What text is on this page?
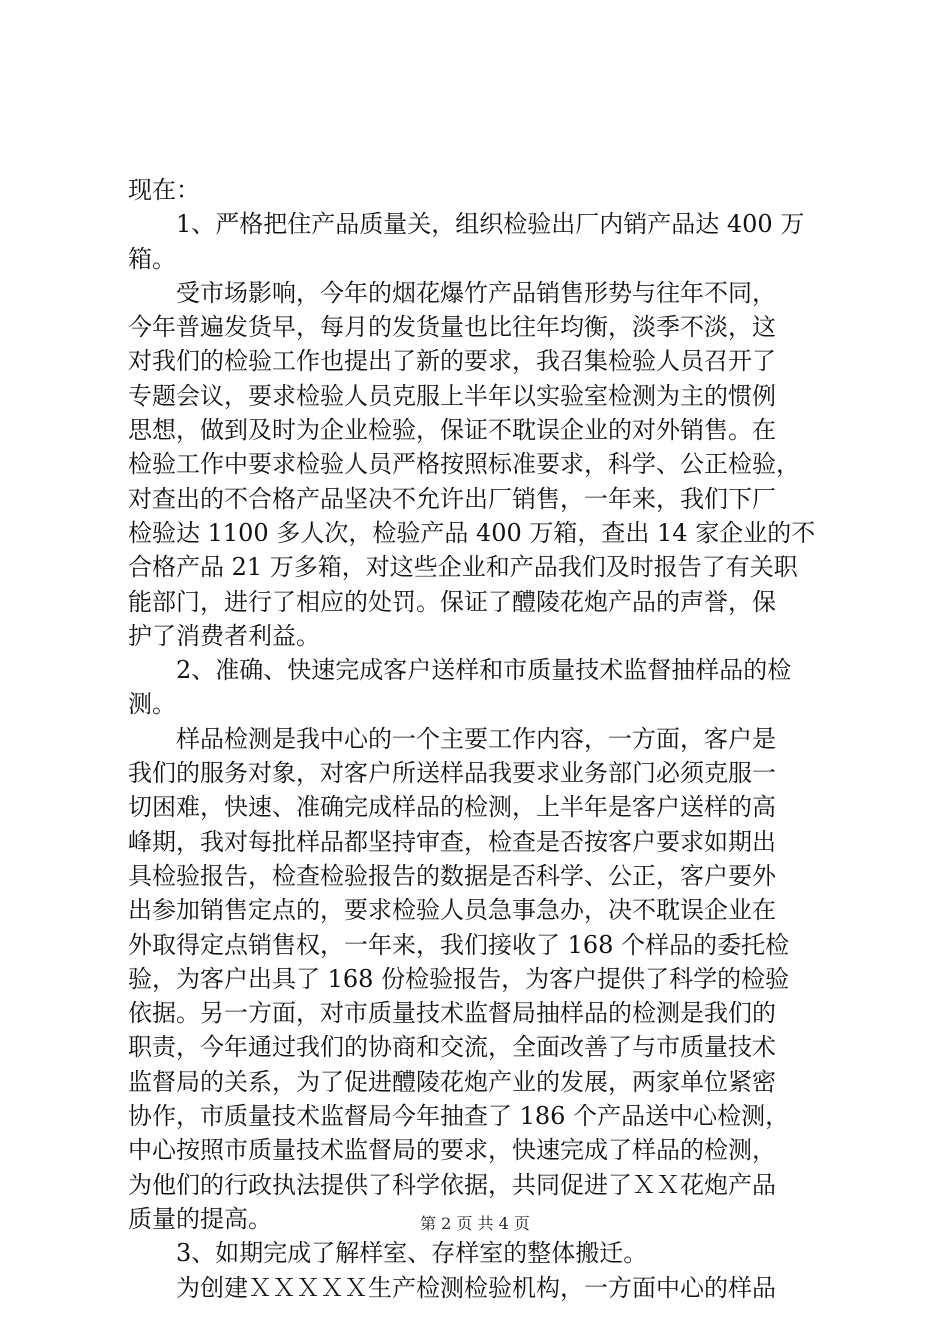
现在：
1、严格把住产品质量关，组织检验出厂内销产品达 400 万
箱。
受市场影响，今年的烟花爆竹产品销售形势与往年不同，
今年普遍发货早，每月的发货量也比往年均衡，淡季不淡，这
对我们的检验工作也提出了新的要求，我召集检验人员召开了
专题会议，要求检验人员克服上半年以实验室检测为主的惯例
思想，做到及时为企业检验，保证不耽误企业的对外销售。在
检验工作中要求检验人员严格按照标准要求，科学、公正检验，
对查出的不合格产品坚决不允许出厂销售，一年来，我们下厂
检验达 1100 多人次，检验产品 400 万箱，查出 14 家企业的不
合格产品 21 万多箱，对这些企业和产品我们及时报告了有关职
能部门，进行了相应的处罚。保证了醴陵花炮产品的声誉，保
护了消费者利益。
2、准确、快速完成客户送样和市质量技术监督抽样品的检
测。
样品检测是我中心的一个主要工作内容，一方面，客户是
我们的服务对象，对客户所送样品我要求业务部门必须克服一
切困难，快速、准确完成样品的检测，上半年是客户送样的高
峰期，我对每批样品都坚持审查，检查是否按客户要求如期出
具检验报告，检查检验报告的数据是否科学、公正，客户要外
出参加销售定点的，要求检验人员急事急办，决不耽误企业在
外取得定点销售权，一年来，我们接收了 168 个样品的委托检
验，为客户出具了 168 份检验报告，为客户提供了科学的检验
依据。另一方面，对市质量技术监督局抽样品的检测是我们的
职责，今年通过我们的协商和交流，全面改善了与市质量技术
监督局的关系，为了促进醴陵花炮产业的发展，两家单位紧密
协作，市质量技术监督局今年抽查了 186 个产品送中心检测，
中心按照市质量技术监督局的要求，快速完成了样品的检测，
为他们的行政执法提供了科学依据，共同促进了ＸＸ花炮产品
质量的提高。
3、如期完成了解样室、存样室的整体搬迁。
为创建ＸＸＸＸＸ生产检测检验机构，一方面中心的样品
第 2 页 共 4 页
